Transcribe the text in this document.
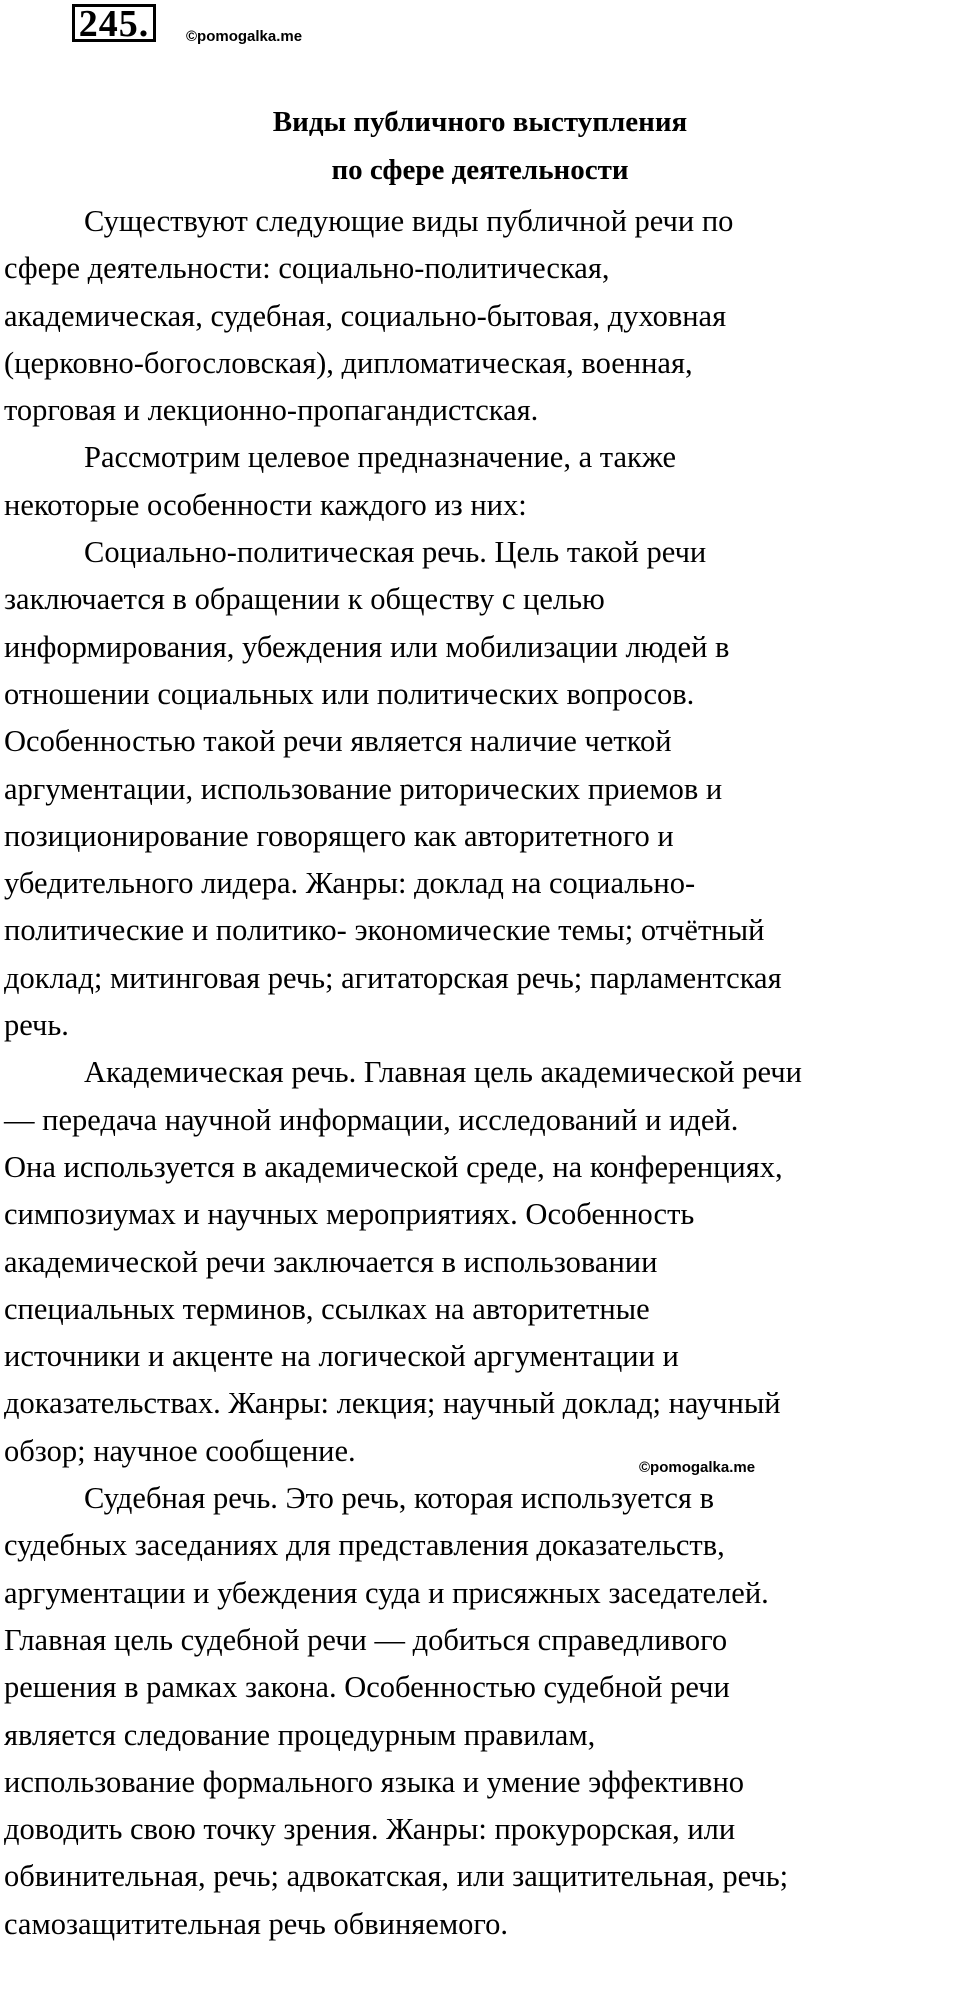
245.	©pomogalka.me
Виды публичного выступления
по сфере деятельности
Существуют следующие виды публичной речи по
сфере деятельности: социально-политическая,
академическая, судебная, социально-бытовая, духовная
(церковно-богословская), дипломатическая, военная,
торговая и лекционно-пропагандистская.
Рассмотрим целевое предназначение, а также
некоторые особенности каждого из них:
Социально-политическая речь. Цель такой речи
заключается в обращении к обществу с целью
информирования, убеждения или мобилизации людей в
отношении социальных или политических вопросов.
Особенностью такой речи является наличие четкой
аргументации, использование риторических приемов и
позиционирование говорящего как авторитетного и
убедительного лидера. Жанры: доклад на социально-
политические и политико- экономические темы; отчётный
доклад; митинговая речь; агитаторская речь; парламентская
речь.
Академическая речь. Главная цель академической речи
— передача научной информации, исследований и идей.
Она используется в академической среде, на конференциях,
симпозиумах и научных мероприятиях. Особенность
академической речи заключается в использовании
специальных терминов, ссылках на авторитетные
источники и акценте на логической аргументации и
доказательствах. Жанры: лекция; научный доклад; научный
обзор; научное сообщение.
Судебная речь. Это речь, которая используется в
судебных заседаниях для представления доказательств,
аргументации и убеждения суда и присяжных заседателей.
Главная цель судебной речи — добиться справедливого
решения в рамках закона. Особенностью судебной речи
является следование процедурным правилам,
использование формального языка и умение эффективно
доводить свою точку зрения. Жанры: прокурорская, или
обвинительная, речь; адвокатская, или защитительная, речь;
самозащитительная речь обвиняемого.
©pomogalka.me
